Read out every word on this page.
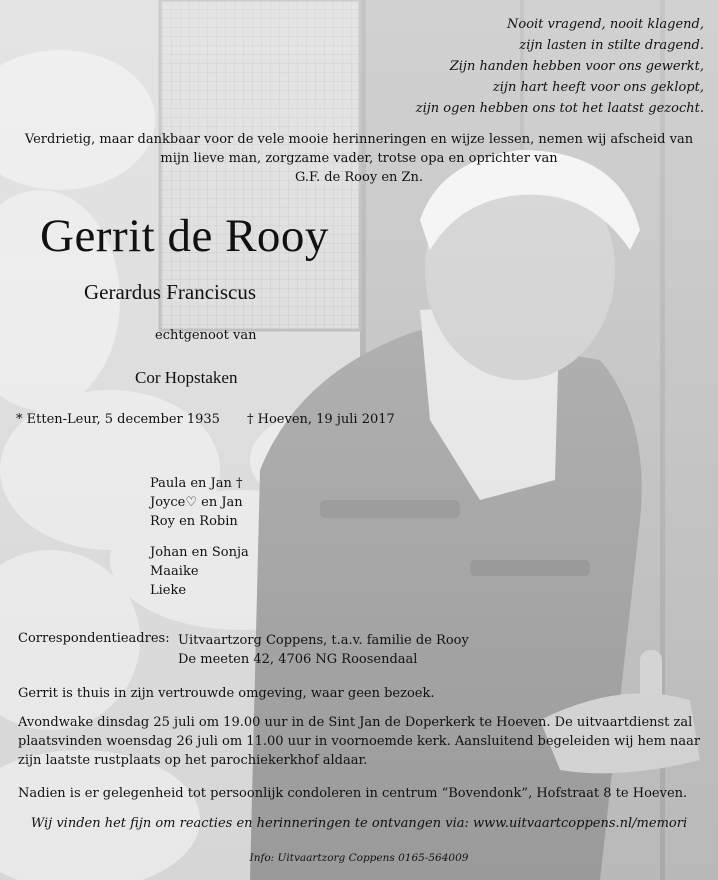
Nooit vragend, nooit klagend,
zijn lasten in stilte dragend.
Zijn handen hebben voor ons gewerkt,
zijn hart heeft voor ons geklopt,
zijn ogen hebben ons tot het laatst gezocht.
Verdrietig, maar dankbaar voor de vele mooie herinneringen en wijze lessen, nemen wij afscheid van
mijn lieve man, zorgzame vader, trotse opa en oprichter van
G.F. de Rooy en Zn.
Gerrit de Rooy
Gerardus Franciscus
echtgenoot van
Cor Hopstaken
* Etten-Leur, 5 december 1935 † Hoeven, 19 juli 2017
Paula en Jan †
Joyce♡ en Jan
Roy en Robin
Johan en Sonja
Maaike
Lieke
Correspondentieadres: Uitvaartzorg Coppens, t.a.v. familie de Rooy
De meeten 42, 4706 NG Roosendaal
Gerrit is thuis in zijn vertrouwde omgeving, waar geen bezoek.
Avondwake dinsdag 25 juli om 19.00 uur in de Sint Jan de Doperkerk te Hoeven. De uitvaartdienst zal plaatsvinden woensdag 26 juli om 11.00 uur in voornoemde kerk. Aansluitend begeleiden wij hem naar zijn laatste rustplaats op het parochiekerkhof aldaar.
Nadien is er gelegenheid tot persoonlijk condoleren in centrum “Bovendonk”, Hofstraat 8 te Hoeven.
Wij vinden het fijn om reacties en herinneringen te ontvangen via: www.uitvaartcoppens.nl/memori
Info: Uitvaartzorg Coppens 0165-564009
